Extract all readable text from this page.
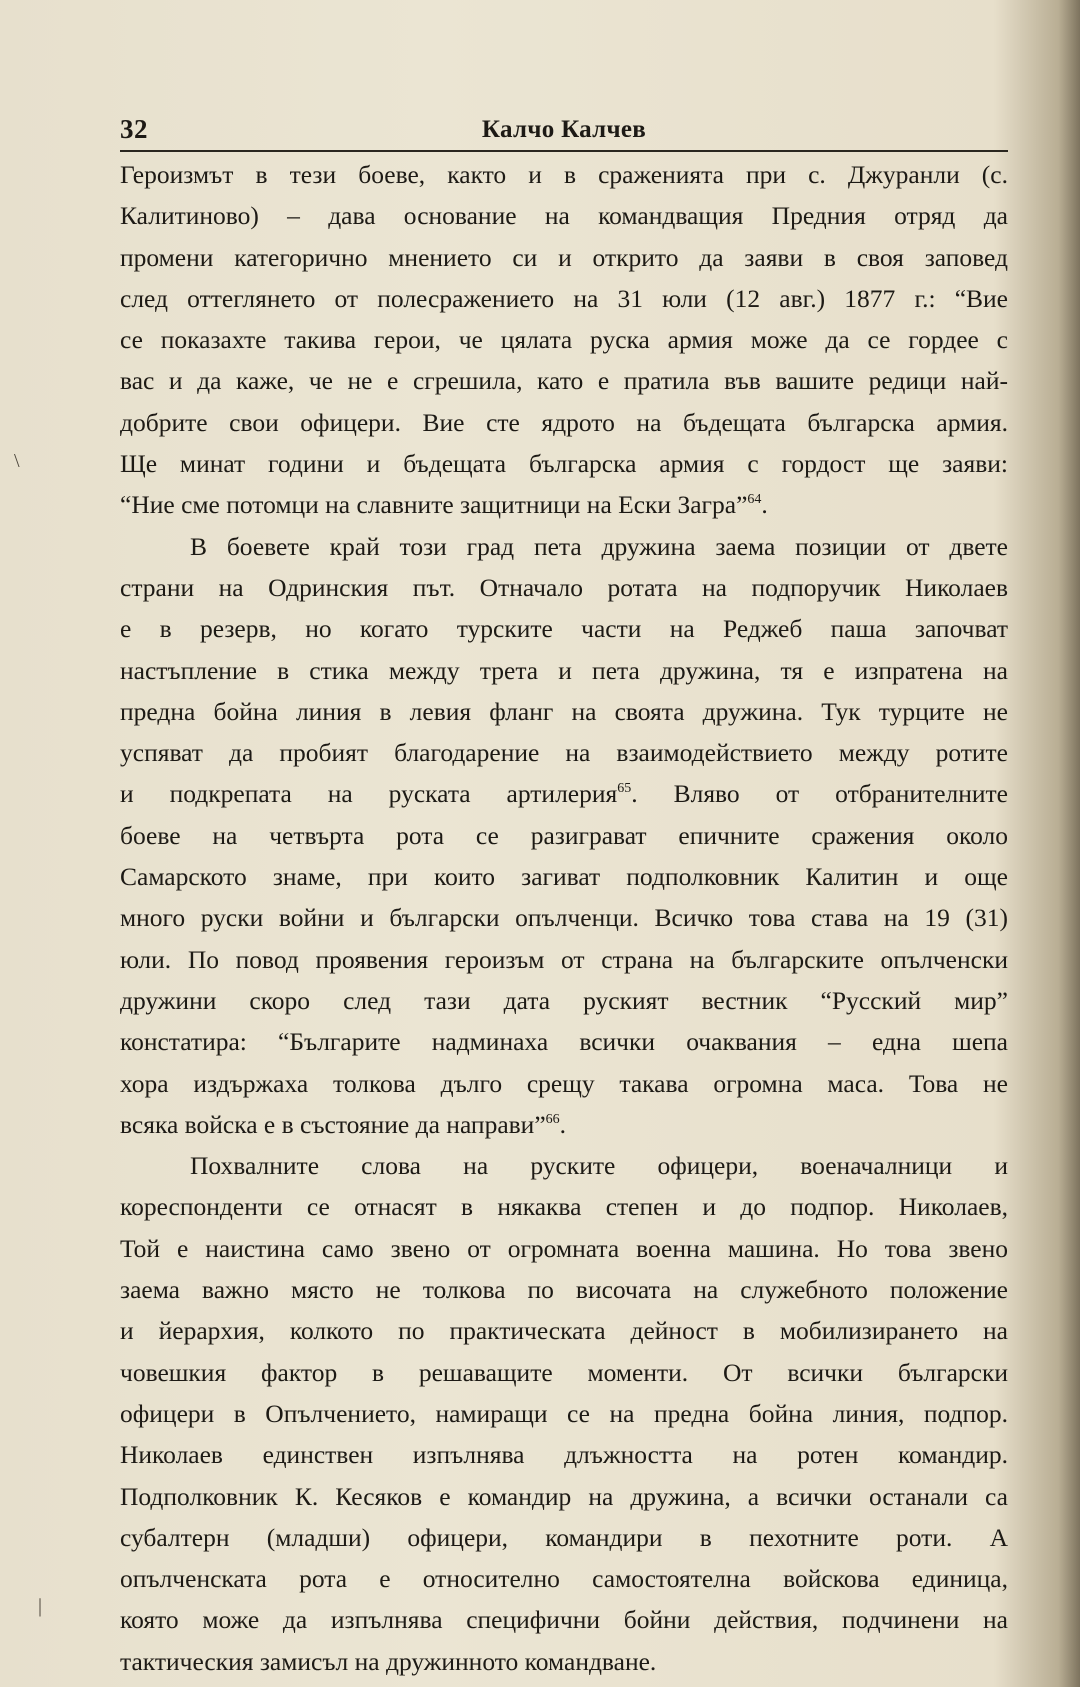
32	Калчо Калчев
Героизмът в тези боеве, както и в сраженията при с. Джуранли (с.
Калитиново) – дава основание на командващия Предния отряд да
промени категорично мнението си и открито да заяви в своя заповед
след оттеглянето от полесражението на 31 юли (12 авг.) 1877 г.: “Вие
се показахте такива герои, че цялата руска армия може да се гордее с
вас и да каже, че не е сгрешила, като е пратила във вашите редици най-
добрите свои офицери. Вие сте ядрото на бъдещата българска армия.
Ще минат години и бъдещата българска армия с гордост ще заяви:
“Ние сме потомци на славните защитници на Ески Загра”$^{64}$.
В боевете край този град пета дружина заема позиции от двете
страни на Одринския път. Отначало ротата на подпоручик Николаев
е в резерв, но когато турските части на Реджеб паша започват
настъпление в стика между трета и пета дружина, тя е изпратена на
предна бойна линия в левия фланг на своята дружина. Тук турците не
успяват да пробият благодарение на взаимодействието между ротите
и подкрепата на руската артилерия$^{65}$. Вляво от отбранителните
боеве на четвърта рота се разиграват епичните сражения около
Самарското знаме, при които загиват подполковник Калитин и още
много руски войни и български опълченци. Всичко това става на 19 (31)
юли. По повод проявения героизъм от страна на българските опълченски
дружини скоро след тази дата руският вестник “Русский мир”
констатира: “Българите надминаха всички очаквания – една шепа
хора издържаха толкова дълго срещу такава огромна маса. Това не
всяка войска е в състояние да направи”$^{66}$.
Похвалните слова на руските офицери, военачалници и
кореспонденти се отнасят в някаква степен и до подпор. Николаев,
Той е наистина само звено от огромната военна машина. Но това звено
заема важно място не толкова по височата на служебното положение
и йерархия, колкото по практическата дейност в мобилизирането на
човешкия фактор в решаващите моменти. От всички български
офицери в Опълчението, намиращи се на предна бойна линия, подпор.
Николаев единствен изпълнява длъжността на ротен командир.
Подполковник К. Кесяков е командир на дружина, а всички останали са
субалтерн (младши) офицери, командири в пехотните роти. А
опълченската рота е относително самостоятелна войскова единица,
която може да изпълнява специфични бойни действия, подчинени на
тактическия замисъл на дружинното командване.
\
|
